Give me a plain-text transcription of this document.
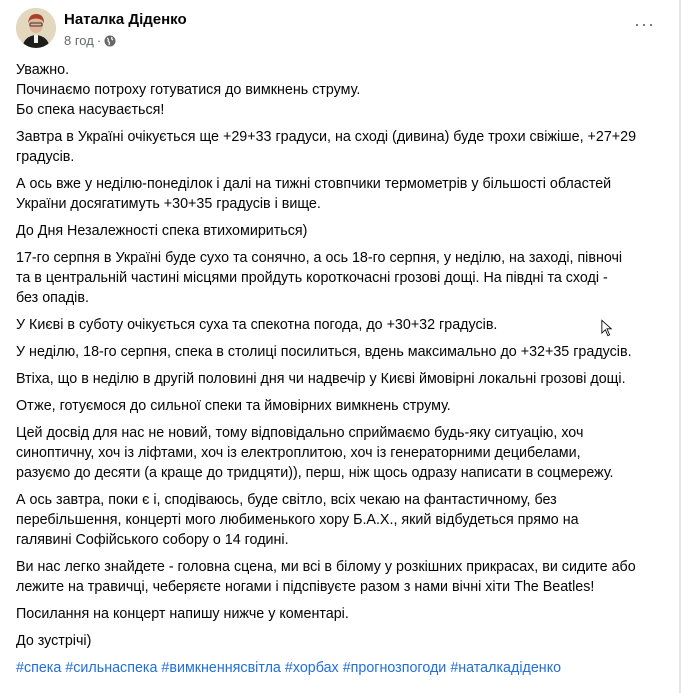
Наталка Діденко
8 год ·
···
Уважно.
Починаємо потроху готуватися до вимкнень струму.
Бо спека насувається!
Завтра в Україні очікується ще +29+33 градуси, на сході (дивина) буде трохи свіжіше, +27+29
градусів.
А ось вже у неділю-понеділок і далі на тижні стовпчики термометрів у більшості областей
України досягатимуть +30+35 градусів і вище.
До Дня Незалежності спека втихомириться)
17-го серпня в Україні буде сухо та сонячно, а ось 18-го серпня, у неділю, на заході, півночі
та в центральній частині місцями пройдуть короткочасні грозові дощі. На півдні та сході -
без опадів.
У Києві в суботу очікується суха та спекотна погода, до +30+32 градусів.
У неділю, 18-го серпня, спека в столиці посилиться, вдень максимально до +32+35 градусів.
Втіха, що в неділю в другій половині дня чи надвечір у Києві ймовірні локальні грозові дощі.
Отже, готуємося до сильної спеки та ймовірних вимкнень струму.
Цей досвід для нас не новий, тому відповідально сприймаємо будь-яку ситуацію, хоч
синоптичну, хоч із ліфтами, хоч із електроплитою, хоч із генераторними децибелами,
разуємо до десяти (а краще до тридцяти)), перш, ніж щось одразу написати в соцмережу.
А ось завтра, поки є і, сподіваюсь, буде світло, всіх чекаю на фантастичному, без
перебільшення, концерті мого любименького хору Б.А.Х., який відбудеться прямо на
галявині Софійського собору о 14 годині.
Ви нас легко знайдете - головна сцена, ми всі в білому у розкішних прикрасах, ви сидите або
лежите на травичці, чеберяєте ногами і підспівуєте разом з нами вічні хіти The Beatles!
Посилання на концерт напишу нижче у коментарі.
До зустрічі)
#спека #сильнаспека #вимкненнясвітла #хорбах #прогнозпогоди #наталкадіденко
